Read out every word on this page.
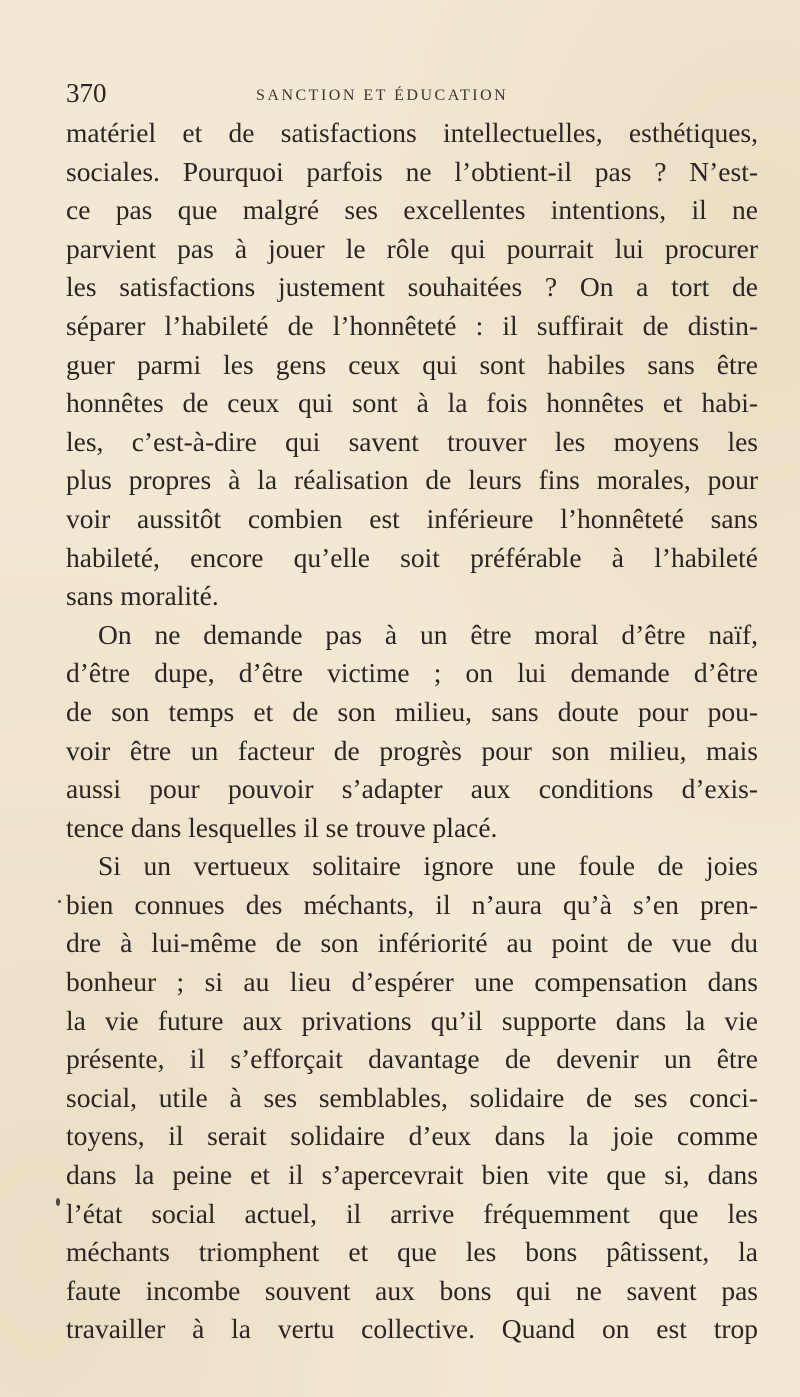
370	SANCTION ET ÉDUCATION
matériel et de satisfactions intellectuelles, esthétiques,
sociales. Pourquoi parfois ne l’obtient-il pas ? N’est-
ce pas que malgré ses excellentes intentions, il ne
parvient pas à jouer le rôle qui pourrait lui procurer
les satisfactions justement souhaitées ? On a tort de
séparer l’habileté de l’honnêteté : il suffirait de distin-
guer parmi les gens ceux qui sont habiles sans être
honnêtes de ceux qui sont à la fois honnêtes et habi-
les, c’est-à-dire qui savent trouver les moyens les
plus propres à la réalisation de leurs fins morales, pour
voir aussitôt combien est inférieure l’honnêteté sans
habileté, encore qu’elle soit préférable à l’habileté
sans moralité.
On ne demande pas à un être moral d’être naïf,
d’être dupe, d’être victime ; on lui demande d’être
de son temps et de son milieu, sans doute pour pou-
voir être un facteur de progrès pour son milieu, mais
aussi pour pouvoir s’adapter aux conditions d’exis-
tence dans lesquelles il se trouve placé.
Si un vertueux solitaire ignore une foule de joies
bien connues des méchants, il n’aura qu’à s’en pren-
dre à lui-même de son infériorité au point de vue du
bonheur ; si au lieu d’espérer une compensation dans
la vie future aux privations qu’il supporte dans la vie
présente, il s’efforçait davantage de devenir un être
social, utile à ses semblables, solidaire de ses conci-
toyens, il serait solidaire d’eux dans la joie comme
dans la peine et il s’apercevrait bien vite que si, dans
l’état social actuel, il arrive fréquemment que les
méchants triomphent et que les bons pâtissent, la
faute incombe souvent aux bons qui ne savent pas
travailler à la vertu collective. Quand on est trop
